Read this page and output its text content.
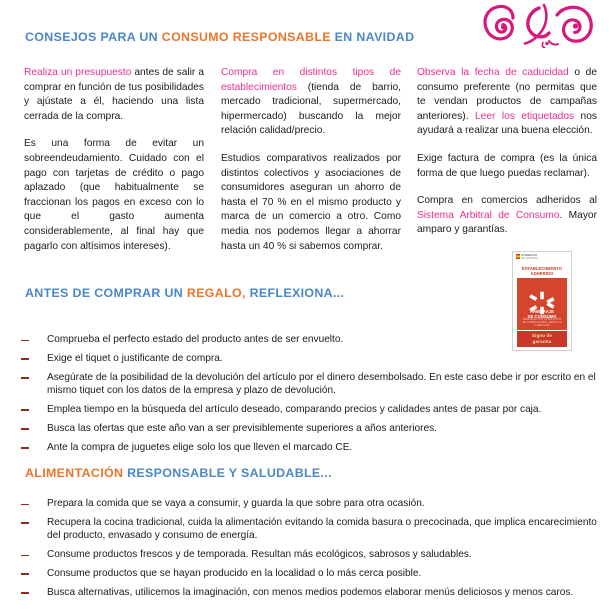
CONSEJOS PARA UN CONSUMO RESPONSABLE EN NAVIDAD

Realiza un presupuesto antes de salir a comprar en función de tus posibilidades y ajústate a él, haciendo una lista cerrada de la compra.

Es una forma de evitar un sobreendeudamiento. Cuidado con el pago con tarjetas de crédito o pago aplazado (que habitualmente se fraccionan los pagos en exceso con lo que el gasto aumenta considerablemente, al final hay que pagarlo con altísimos intereses).

Compra en distintos tipos de establecimientos (tienda de barrio, mercado tradicional, supermercado, hipermercado) buscando la mejor relación calidad/precio.

Estudios comparativos realizados por distintos colectivos y asociaciones de consumidores aseguran un ahorro de hasta el 70 % en el mismo producto y marca de un comercio a otro. Como media nos podemos llegar a ahorrar hasta un 40 % si sabemos comprar.

Observa la fecha de caducidad o de consumo preferente (no permitas que te vendan productos de campañas anteriores). Leer los etiquetados nos ayudará a realizar una buena elección.

Exige factura de compra (es la única forma de que luego puedas reclamar).

Compra en comercios adheridos al Sistema Arbitral de Consumo. Mayor amparo y garantías.

GOBIERNO
DE ESPAÑA
ESTABLECIMIENTO
ADHERIDO
ARBITRAJE
DE CONSUMO
RESUELVE TUS CONFLICTOS
DE FORMA RAPIDA, SENCILLA
Y GRATUITA
Signo de
garantía
ANTES DE COMPRAR UN REGALO, REFLEXIONA...
Comprueba el perfecto estado del producto antes de ser envuelto.
Exige el tiquet o justificante de compra.
Asegúrate de la posibilidad de la devolución del artículo por el dinero desembolsado. En este caso debe ir por escrito en el mismo tiquet con los datos de la empresa y plazo de devolución.
Emplea tiempo en la búsqueda del artículo deseado, comparando precios y calidades antes de pasar por caja.
Busca las ofertas que este año van a ser previsiblemente superiores a años anteriores.
Ante la compra de juguetes elige solo los que lleven el marcado CE.
ALIMENTACIÓN RESPONSABLE Y SALUDABLE...
Prepara la comida que se vaya a consumir, y guarda la que sobre para otra ocasión.
Recupera la cocina tradicional, cuida la alimentación evitando la comida basura o precocinada, que implica encarecimiento del producto, envasado y consumo de energía.
Consume productos frescos y de temporada. Resultan más ecológicos, sabrosos y saludables.
Consume productos que se hayan producido en la localidad o lo más cerca posible.
Busca alternativas, utilicemos la imaginación, con menos medios podemos elaborar menús deliciosos y menos caros.
